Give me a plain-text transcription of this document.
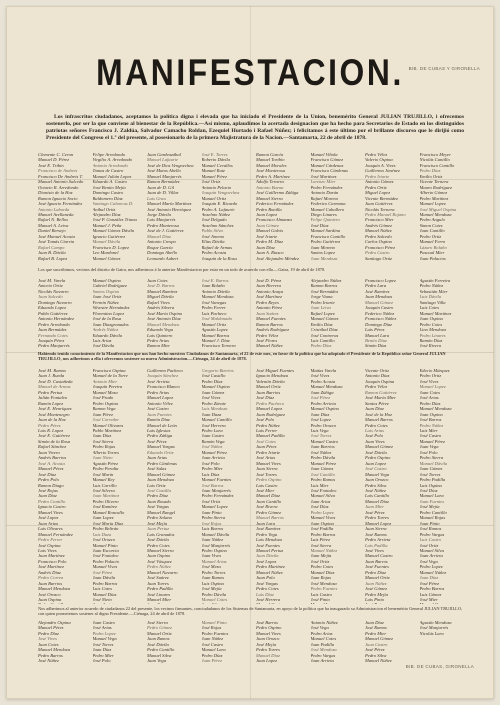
BIB. DE CUBAS Y GIRONELLA
MANIFESTACION.
Los infrascritos ciudadanos, aceptamos la política digna i elevada que ha iniciado el Presidente de la Union, benemérito General JULIAN TRUJILLO, i ofrecemos sostenerlo, por ser la que conviene al bienestar de la República.—Así mismo, aplaudimos la acertada designacion que ha hecho para Secretarios de Estado en los distinguidos patriotas señores Francisco J. Zaldúa, Salvador Camacho Roldan, Ezequiel Hurtado i Rafael Núñez; i felicitamos á este último por el brillante discurso que le dirijió como Presidente del Congreso el 1.º del presente, al posesionarlo de la primera Majistratura de la Nacion.—Santamarta, 22 de abril de 1878.
Clemente C. Ceron
Manuel D. Pérez
José E. Tribin
Francisco de Andreis
Francisco De Andreis T.
Manuel Antonio Salcedo
Octavio R. Arredondo
Dionisio de la Hoz
Ramon Ignacio Socio
José Ignacio Fernández
Antonio Laborda
Manuel Avellaneda
Rafael N. Bellos
Manuel A. Leiva
Daniel Bersejo
José Manuel Acosta
José Tomás Ciarria
Rafael Campo
Juan B. Dávila
Rafael B. Lopez
Felipe Arredondo
Virgilio A. Arredondo
Antonio Arredondo
Tomas de Castro
Manuel Julián Lopez
Eduardo A. Castro
José Benito Mejía
Domingo Castro
Baldomero Díaz
Santiago Cabarcas D.
Aníbal Ortiz
Alejandro Díaz
José P. González Triana
Manuel J. Peña
Manuel Gómez Dávila
Ignacio Gutiérrez
Manuel Dávila
Francisco D. Lopez
Leo Mardonel
Manuel Gómez
Juan Gardeazábal
Manuel Lafaurie
José de Dios Vengoechea
José Matos Abello
Manuel Manjarrés
Ramon Bermúdez
Juan de D. Gil
Juan de D. Villar
Luis Grau
Manuel María Martínez
José Antonio Henríquez
Jorge Dávila
Luis Manjarrés
Pedro Monterosa
José de J. Gutiérrez
Manuel Díaz
Antonio Crespo
Roque García
Domingo Abello
Leonardo Aubert
José E. Torres
Roberto Dávila
Manuel Cevallos
Manuel Ruiz
Manuel Pérez
José Ortiz
Antonio Pelacio
Joaquín Vengoechea
Manuel Ortiz
Joaquín E. Ricardo
Pedro A. Lafaurie
Anselmo Núñez
José Delgado
Anselmo Sánchez
Pablo Silva
José Jimeno
Elías Dávila
Rafael de Armas
Pedro Acosta
Joaquín de la Rosa
Ramon García
Manuel Toribio
Manuel Morales
José Monterosa
Pedro A. Martínez
Adolfo Ternera
Antonio Baena
José Guillermo Zúñiga
Manuel Sierra
Federico Fernández
Pedro Bonilla
Juan Lopez
Francisco Almanza
Juan Gómez
Manuel Galvis
José Iriarte
Pedro M. Díaz
Juan Díaz
Juan A. Riasco
José Alejandro Méndez
Manuel Viñola
Francisco Gómez
Manuel Cárdenas
Francisco Cárdenas
José Martínez
Lorenzo Mier
Pedro Fernández
Antonio Durán
Rafael Moreno
Federico Carmona
Manuel Caballero
Diego Linares
Felipe Quintero
José Díaz
Manuel Sardina
Francisco Cantillo
Pedro Gutiérrez
Juan Moreno
Santos Lopez
Juan Mendoza
Pedro Vélez
Valerio Ospina
Joaquín A. Vives
Guillermo Jiménez
Pedro Iriarte
Antonio Gómez
Pedro Ortiz
Miguel Lopez
Vicente Bermúdez
Juan Gutiérrez
Nicolás Ternera
Pedro Manuel Rojano
Francisco Mier
Andrés Gómez
Manuel Núñez
Pedro Salcedo
Carlos Ospino
Francisco Pérez
Pedro Castro
Santiago Ortiz
Francisco Meyer
Nicolás Cantillo
Francisco Cantillo
Pedro Díaz
Emilio Ortiz
Vicente Ternera
Mauro Rodríguez
Alberto Gómez
Pedro Martínez
Manuel Lopez
José Miguel Ospina
Manuel Mendoza
Pedro Angulo
Simon Cotes
Juan Cantillo
Pedro Ortiz
Manuel Ferro
Lázaro Bolaño
Pascual Mier
Juan Palacios
Los que suscribimos, vecinos del distrito de Gaira, nos adherimos á la anterior Manifestacion por estar en un todo de acuerdo con ella.—Gaira, 19 de abril de 1878.
José M. Varela
Aniceto Ortiz
Nicolás Navarro
Juan Salcedo
Domingo Navarro
Eduardo Lopez
Pablo Gutiérrez
Antonio Hernández
Pedro Arredondo
Juan Bermúdez
Fernando Cotes
Joaquín Pérez
Pedro Manjarrés
Manuel Ospino
Gabriel Rodríguez
Santos Ospino
Juan José Ortiz
Fermín Núñez
Silvestre Hernández
Florentino Lopez
José de la Rosa
Juan Diazgranados
Andrés Núñez
Eduardo Dávila
Luis Arias
José Dávila
Juan Cotes
José D. Barros
Manuel Ramírez
Miguel Dávila
Rafael Vives
Andrés Silvera
José María Ospino
José Antonio Díaz
Manuel Mendoza
Eduardo Vega
Luis Quintero
Pedro Arias
Ramon Mier
José E. Barros
Juan Bolaño
Antonio Dávila
Manuel Mendoza
José Vanegas
Pedro Ferrer
Luis Pacheco
José Maldonado
Manuel Ortiz
Agustín Lopez
Manuel Barros
Manuel J. Díaz
Francisco Ternera
José D. Pérez
Juan Herrera
Antonio Anaya
José Martínez
Pedro Reyes
Antonio Pérez
Juan Suárez
Manuel Fuentes
Ramon Barros
Andrés Rodríguez
Pedro Vélez
José Flores
Manuel Núñez
Alejandro Núñez
Ramon Barros
José Bermúdez
Jorge Viana
Pedro Iriarte
Juan Leiva
Rafael Lopez
Manuel Gómez
Emilio Díaz
Cristóbal Díaz
José Contreras
Luis Cantillo
Pedro Díaz
Francisco Lopez
Pedro Lara
José Ramírez
Juan Mendoza
Manuel Gómez
Joaquín Castro
Federico Núñez
Francisco Núñez
Domingo Díaz
Luis Pérez
Manuel Lara
Benito Díaz
Simón Díaz
Agustín Ferreira
Pedro Núñez
Sebastián Mier
Luis Dávila
Santiago Villa
Luis Cotes
Manuel Martínez
Juan Ospina
Pedro Cotes
Lino Mendoza
Pedro Linares
Ramón Díaz
José Rivera
Habiendo tenido conocimiento de la Manifestacion que nos han hecho nuestros Ciudadanos de Santamarta, el 22 de este mes, en favor de la politica que ha adoptado el Presidente de la República señor General JULIAN TRUJILLO, nos adherimos a ella i ofrecemos sostener su nueva Administracion.—Ciénaga, 24 de abril de 1878.
José M. Ramos
Juan J. Rueda
José D. Castañeda
Manuel de Armas
Pedro Pertuz
Julián Fontalvo
Ramón Lopez
José E. Henríquez
José Montenegro
Juan de la Hoz
Pedro Pérez
Luis R. Lopez
José E. Gutiérrez
Simón de la Rosa
Rafael Sánchez
Juan Vivero
Andrés Barrios
José A. Acosta
Manuel Pérez
José Díaz
Pedro Polo
Ramon Diago
José Rojas
Juan Díaz
Pedro Cantillo
Ignacio Castro
Manuel Vives
José Lopez
Juan Ariza
Luis Olivares
Manuel Fernández
Pedro Ferrer
José Ospina
Luis Vives
Juan Martínez
Francisco Polo
José Martínez
Andrés Díaz
Pedro Correa
Juan Barrios
Manuel Mendoza
José Orozco
Juan Ospina
Francisco Ospina
Manuel de la Torre
Antonio Mier
Joaquín Pereira
Manuel Meza
José Prado
Pedro Ospina
Ramon Vega
Juan Pérez
José Corredor
Manuel Olivares
Pablo Martínez
Juan Díaz
José Sierra
Pedro Rojas
Alberto Torres
Juan Nieto
Agustín Pérez
Pedro Peralta
José Marín
Manuel Rey
Luis Carrillo
José Silvera
Juan Martínez
Pedro Olivero
José Ramírez
Manuel Roncallo
Juan Lopez
José María Díaz
Pedro Beltrán
Luis Daza
José Orozco
Manuel Pinto
Juan Escorcia
José Fontalvo
Pedro Palacio
Manuel Vives
José Pérez
Juan Dávila
Pedro Barros
Luis Cotes
Manuel Díaz
José Nieto
Guillermo Pacheco
Joaquín Sánchez
José Arrieta
Francisco Blanco
Pedro Arias
Manuel Lopez
Antonio Vélez
José Castro
Juan Fuentes
Ramón Díaz
Manuel de León
Luis Iglesias
Pedro Zúñiga
José Pérez
Manuel Vargas
Eduardo Ortiz
Juan Arias
Pedro Cárdenas
José Salas
Manuel Gómez
Juan Mendoza
Luis Ortiz
José Castilla
Pedro Díaz
Juan Rosado
José Vargas
Manuel Rangel
Pedro Solano
José Mejía
Juan Pertuz
Luis Granados
José Dávila
Pedro Cotes
Manuel Sierra
Juan Ospino
José Vásquez
Pedro Núñez
Manuel Navarro
José Suárez
Juan Torres
Pedro Padilla
José Linares
Manuel Mier
Gregorio Barrios
José Castillo
Pedro Díaz
Manuel Ospino
Juan Gómez
José Vives
Pedro Zárate
Luis Mendoza
Juan Daza
Manuel Cantillo
José Herrera
Pedro Lara
Juan Castro
Ramón Vega
José Núñez
Manuel Pérez
Juan Arrieta
José Polo
Pedro Mier
Luis Díaz
Manuel Fuentes
José Barros
Juan Manjarrés
Pedro Fernández
José Ortiz
Manuel Lopez
Juan Pinto
Pedro Sierra
José Rojas
Luis Barros
Manuel Dávila
Juan Núñez
José Manjarrés
Pedro Ospino
Juan Vives
Manuel Arias
José Meza
Pedro Torres
Juan Ramos
Luis Ospina
José Mejía
Pedro Dávila
Manuel Cotes
José Miguel Fuentes
Ignacio Mendoza
Valentín Dávila
Manuel Ortiz
Juan Barrios
José Díaz
Pedro Pacheco
Manuel Lopez
Juan Rodríguez
José Polo
Pedro Núñez
Luis Ferrer
Manuel Padilla
José Cotes
Juan Pérez
Pedro Iriarte
José Arias
Manuel Vives
Juan Sierra
José Torres
Pedro Ospino
Luis Castro
José Mier
Manuel Díaz
Juan Cantillo
José Rivera
Pedro Gómez
Manuel Barros
Juan Lara
José Ramírez
Pedro Vega
Luis Mendoza
José Fuentes
Manuel Pertuz
Juan Dávila
José Lopez
Pedro Martínez
Manuel Núñez
Juan Polo
José Vargas
Pedro Cotes
Luis Díaz
José Herrera
Matías Varela
José Vives
Pedro Acosta
Manuel Mendoza
Juan Zúñiga
José Pérez
Pedro Arrieta
Manuel Ospino
Juan Díaz
José Lopez
Pedro Orozco
Luis Vega
José Torres
Manuel Castro
Juan Barrios
José Núñez
Pedro Dávila
Manuel Pérez
Juan Gómez
José Cantillo
Pedro Ramos
Luis Mier
José Fontalvo
Manuel Silva
Juan Arias
José Díaz
Pedro Lopez
Manuel Vives
Juan Ospina
José Padilla
Pedro Barros
Luis Pérez
José Sierra
Manuel Núñez
Juan Mejía
José Ortiz
Pedro Cotes
Manuel Díaz
Juan Rojas
José Mendoza
Pedro Fuentes
Luis Castro
José Pinto
Vicente Ortiz
Antonio Díaz
Joaquín Ospina
Pedro Vélez
Ramon Gutiérrez
José María Mier
Santos Pérez
Juan Díaz
José de la Hoz
Manuel Barros
Pedro Cotes
Luis Arias
José Polo
Juan Vives
Manuel Gómez
José Dávila
Pedro Ospino
Juan Lopez
José Castro
Manuel Vega
Juan Orozco
Pedro Silva
José Núñez
Luis Cantillo
Manuel Díaz
Juan Mier
José Pérez
Pedro Torres
Manuel Lopez
Juan Sierra
José Ramos
Pedro Arrieta
Luis Padilla
José Vives
Manuel Castro
Juan Barros
José Fuentes
Pedro Díaz
Manuel Ortiz
Juan Núñez
José Gómez
Pedro Mejía
Luis Pinto
Edecio Márquez
Pedro Ortiz
José Vives
Manuel Lopez
Juan Cotes
José Arias
Pedro Díaz
Manuel Mendoza
Juan Ospino
José Barros
Pedro Núñez
Luis Mier
José Castro
Manuel Pérez
Juan Vega
José Polo
Pedro Sierra
Manuel Dávila
Juan Gómez
José Torres
Pedro Padilla
Luis Ospina
José Díaz
Manuel Lara
Juan Fuentes
José Mejía
Pedro Cantillo
Manuel Rojas
Juan Pinto
José Ramos
Pedro Vargas
Luis Castro
José Ortiz
Manuel Silva
Juan Arrieta
José Vega
Pedro Lopez
Manuel Núñez
Juan Díaz
José Pérez
Pedro Barros
Luis Gómez
José Mier
Nos adherimos al anterior acuerdo de ciudadanos 22 del presente, los vecinos firmantes, conciudadanos de los Sistemas de Santamarta, en apoyo de la política que ha inaugurado su Administracion el benemérito General JULIAN TRUJILLO, con quien prometemos sostener al digno Presidente.—Ciénaga, 24 de abril de 1878.
Alejandro Ospina
Manuel Pérez
Pedro Díaz
José Vives
Juan Cotes
Manuel Mendoza
Pedro Barros
José Núñez
Juan Castro
José Arias
Pedro Lopez
Manuel Vega
José Torres
Juan Díaz
Pedro Mier
José Polo
José Sierra
Pedro Gómez
Manuel Ortiz
Juan Ramos
José Dávila
Pedro Cantillo
Manuel Silva
Juan Vega
Manuel Pinto
José Rojas
Pedro Fuentes
Juan Núñez
José Castro
Manuel Lara
Pedro Díaz
Juan Pérez
José Barros
Pedro Ospino
Manuel Vives
Juan Orozco
José Mejía
Pedro Torres
Manuel Díaz
Juan Lopez
Antonio Núñez
José Vega
Pedro Arias
Manuel Cotes
Juan Padilla
José Mendoza
Pedro Vargas
Juan Arrieta
Juan Díaz
José Ramos
Pedro Mier
Manuel Gómez
Juan Castro
José Pérez
Pedro Silva
Manuel Núñez
Agustín Mendoza
José Manjarrés
Nicolás Lara
BIB. DE CUBAS, GIRONELLA
